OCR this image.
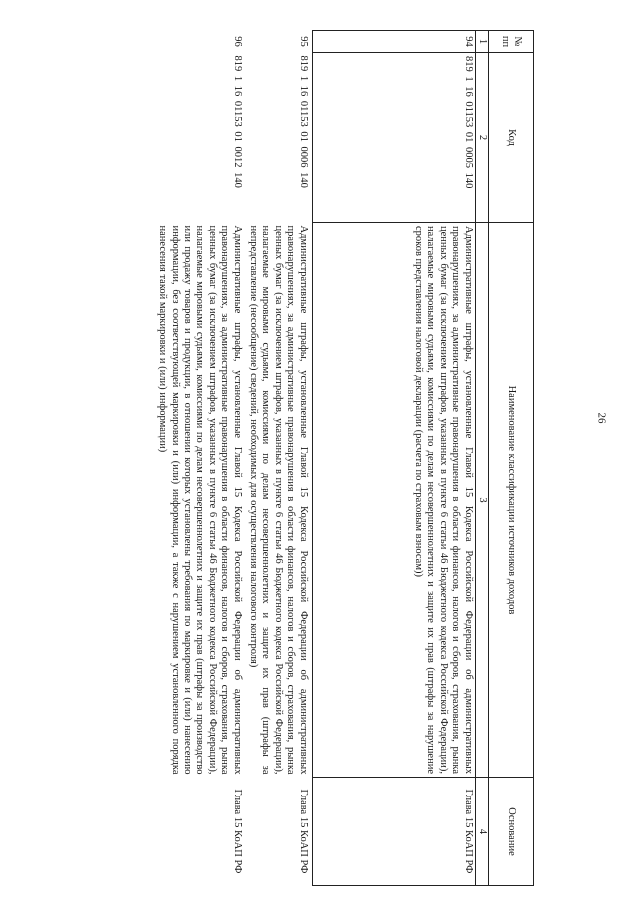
26
№ пп	Код	Наименование классификации источников доходов	Основание
1	2	3	4
94	819 1 16 01153 01 0005 140	Административные штрафы, установленные Главой 15 Кодекса Российской Федерации об административных правонарушениях, за административные правонарушения в области финансов, налогов и сборов, страхования, рынка ценных бумаг (за исключением штрафов, указанных в пункте 6 статьи 46 Бюджетного кодекса Российской Федерации), налагаемые мировыми судьями, комиссиями по делам несовершеннолетних и защите их прав (штрафы за нарушение сроков представления налоговой декларации (расчета по страховым взносам))	Глава 15 КоАП РФ
95	819 1 16 01153 01 0006 140	Административные штрафы, установленные Главой 15 Кодекса Российской Федерации об административных правонарушениях, за административные правонарушения в области финансов, налогов и сборов, страхования, рынка ценных бумаг (за исключением штрафов, указанных в пункте 6 статьи 46 Бюджетного кодекса Российской Федерации), налагаемые мировыми судьями, комиссиями по делам несовершеннолетних и защите их прав (штрафы за непредставление (несообщение) сведений, необходимых для осуществления налогового контроля)	Глава 15 КоАП РФ
96	819 1 16 01153 01 0012 140	Административные штрафы, установленные Главой 15 Кодекса Российской Федерации об административных правонарушениях, за административные правонарушения в области финансов, налогов и сборов, страхования, рынка ценных бумаг (за исключением штрафов, указанных в пункте 6 статьи 46 Бюджетного кодекса Российской Федерации), налагаемые мировыми судьями, комиссиями по делам несовершеннолетних и защите их прав (штрафы за производство или продажу товаров и продукции, в отношении которых установлены требования по маркировке и (или) нанесению информации, без соответствующей маркировки и (или) информации, а также с нарушением установленного порядка нанесения такой маркировки и (или) информации)	Глава 15 КоАП РФ
